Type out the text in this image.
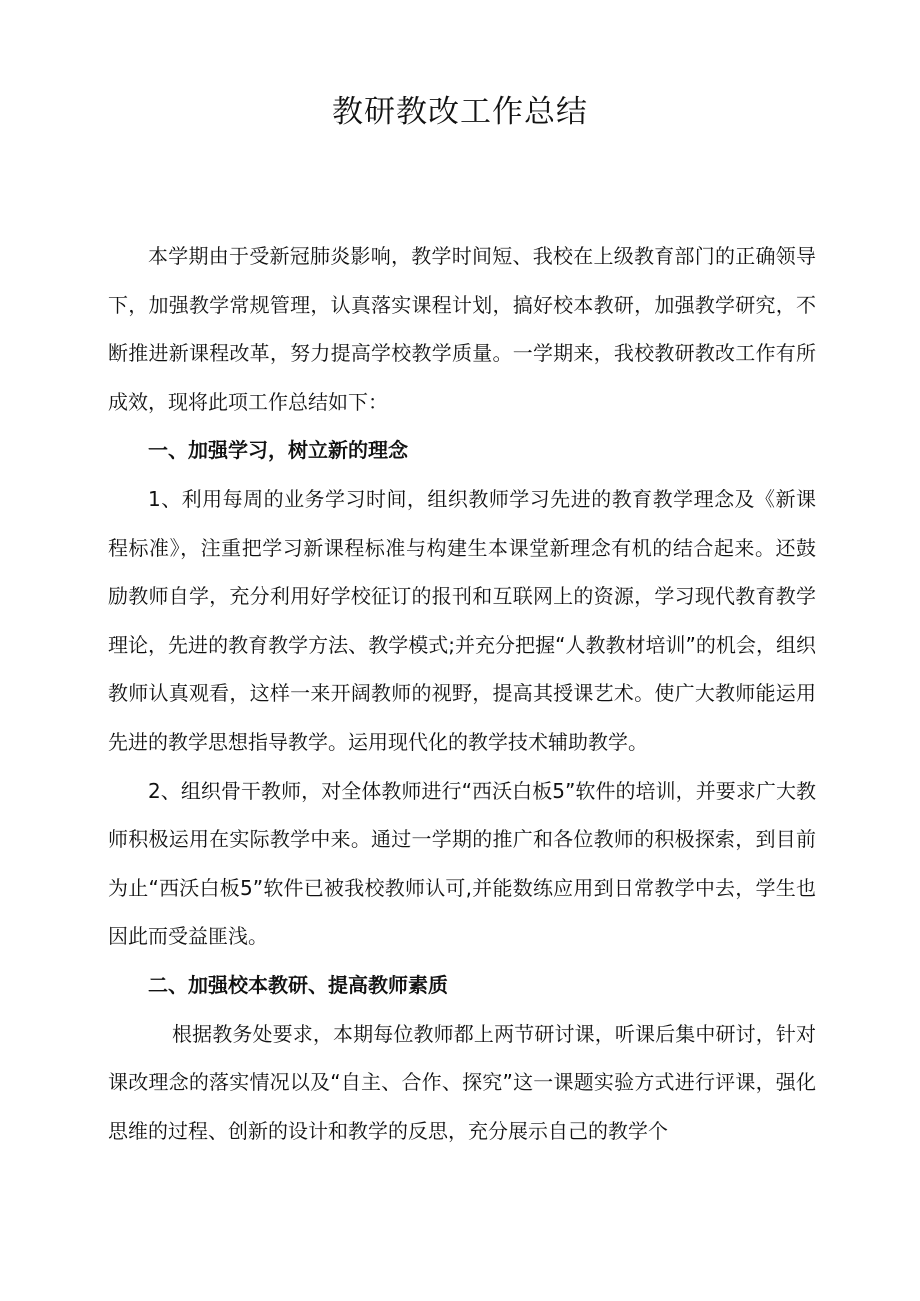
教研教改工作总结

本学期由于受新冠肺炎影响，教学时间短、我校在上级教育部门的正确领导下，加强教学常规管理，认真落实课程计划，搞好校本教研，加强教学研究，不断推进新课程改革，努力提高学校教学质量。一学期来，我校教研教改工作有所成效，现将此项工作总结如下：

一、加强学习，树立新的理念

1、利用每周的业务学习时间，组织教师学习先进的教育教学理念及《新课程标准》，注重把学习新课程标准与构建生本课堂新理念有机的结合起来。还鼓励教师自学，充分利用好学校征订的报刊和互联网上的资源，学习现代教育教学理论，先进的教育教学方法、教学模式;并充分把握“人教教材培训”的机会，组织教师认真观看，这样一来开阔教师的视野，提高其授课艺术。使广大教师能运用先进的教学思想指导教学。运用现代化的教学技术辅助教学。

2、组织骨干教师，对全体教师进行“西沃白板5”软件的培训，并要求广大教师积极运用在实际教学中来。通过一学期的推广和各位教师的积极探索，到目前为止“西沃白板5”软件已被我校教师认可,并能数练应用到日常教学中去，学生也因此而受益匪浅。

二、加强校本教研、提高教师素质

根据教务处要求，本期每位教师都上两节研讨课，听课后集中研讨，针对课改理念的落实情况以及“自主、合作、探究”这一课题实验方式进行评课，强化思维的过程、创新的设计和教学的反思，充分展示自己的教学个
